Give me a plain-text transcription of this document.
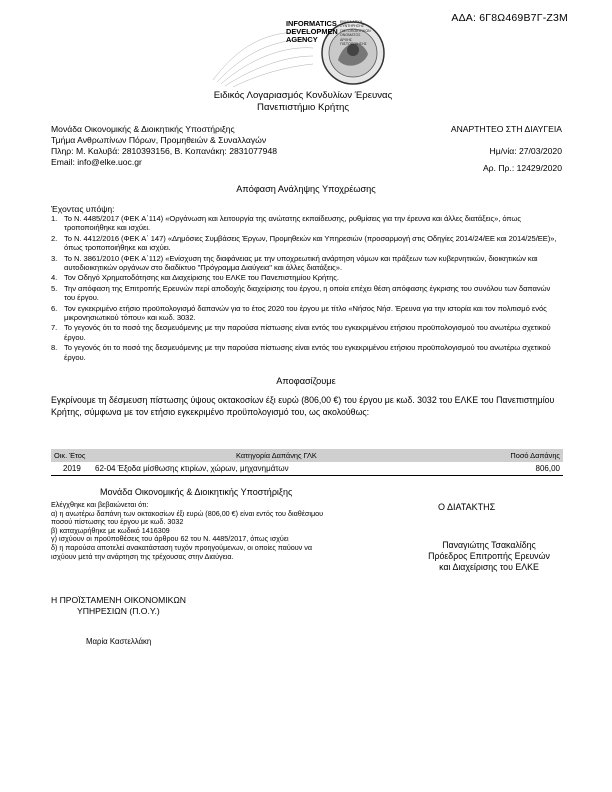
ΑΔΑ: 6Γ8Ω469Β7Γ-Ζ3Μ
INFORMATICS
DEVELOPMEN
AGENCY
ΕΝΙΑΙΑ ΑΡΧΗ
ΣΥΝΤΗΡΗΣΗΣ
ΠΙΣΤΟΠΟΙΗΤΙΚΩΝ
ΟΝΟΜΑΤΟΣ
ΑΡΧΗΣ
ΠΙΣΤΟΠΟΙΗΣΗΣ
Ειδικός Λογαριασμός Κονδυλίων Έρευνας
Πανεπιστήμιο Κρήτης
Μονάδα Οικονομικής & Διοικητικής Υποστήριξης
Τμήμα Ανθρωπίνων Πόρων, Προμηθειών & Συναλλαγών
Πληρ: Μ. Καλυβά: 2810393156, Β. Κοπανάκη: 2831077948
Email: info@elke.uoc.gr
ΑΝΑΡΤΗΤΕΟ ΣΤΗ ΔΙΑΥΓΕΙΑ
Ημ/νία: 27/03/2020
Αρ. Πρ.: 12429/2020
Απόφαση Ανάληψης Υποχρέωσης
Έχοντας υπόψη:
1. Το Ν. 4485/2017 (ΦΕΚ Α΄114) «Οργάνωση και λειτουργία της ανώτατης εκπαίδευσης, ρυθμίσεις για την έρευνα και άλλες διατάξεις», όπως τροποποιήθηκε και ισχύει.
2. Το Ν. 4412/2016 (ΦΕΚ Α΄ 147) «Δημόσιες Συμβάσεις Έργων, Προμηθειών και Υπηρεσιών (προσαρμογή στις Οδηγίες 2014/24/ΕΕ και 2014/25/ΕΕ)», όπως τροποποιήθηκε και ισχύει.
3. Το Ν. 3861/2010 (ΦΕΚ Α΄112) «Ενίσχυση της διαφάνειας με την υποχρεωτική ανάρτηση νόμων και πράξεων των κυβερνητικών, διοικητικών και αυτοδιοικητικών οργάνων στο διαδίκτυο "Πρόγραμμα Διαύγεια" και άλλες διατάξεις».
4. Τον Οδηγό Χρηματοδότησης και Διαχείρισης του ΕΛΚΕ του Πανεπιστημίου Κρήτης.
5. Την απόφαση της Επιτροπής Ερευνών περί αποδοχής διαχείρισης του έργου, η οποία επέχει θέση απόφασης έγκρισης του συνόλου των δαπανών του έργου.
6. Τον εγκεκριμένο ετήσιο προϋπολογισμό δαπανών για το έτος 2020 του έργου με τίτλο «Νήσος Νήσ. Έρευνα για την ιστορία και τον πολιτισμό ενός μικρονησιωτικού τόπου» και κωδ. 3032.
7. Το γεγονός ότι το ποσό της δεσμευόμενης με την παρούσα πίστωσης είναι εντός του εγκεκριμένου ετήσιου προϋπολογισμού του ανωτέρω σχετικού έργου.
8. Το γεγονός ότι το ποσό της δεσμευόμενης με την παρούσα πίστωσης είναι εντός του εγκεκριμένου ετήσιου προϋπολογισμού του ανωτέρω σχετικού έργου.
Αποφασίζουμε
Εγκρίνουμε τη δέσμευση πίστωσης ύψους οκτακοσίων έξι ευρώ (806,00 €) του έργου με κωδ. 3032 του ΕΛΚΕ του Πανεπιστημίου Κρήτης, σύμφωνα με τον ετήσιο εγκεκριμένο προϋπολογισμό του, ως ακολούθως:
Οικ. Έτος	Κατηγορία Δαπάνης ΓΛΚ	Ποσό Δαπάνης
2019 62-04 Έξοδα μίσθωσης κτιρίων, χώρων, μηχανημάτων	806,00
Μονάδα Οικονομικής & Διοικητικής Υποστήριξης
Ελέγχθηκε και βεβαιώνεται ότι:
α) η ανωτέρω δαπάνη των οκτακοσίων έξι ευρώ (806,00 €) είναι εντός του διαθέσιμου
ποσού πίστωσης του έργου με κωδ. 3032
β) καταχωρήθηκε με κωδικό 1416309
γ) ισχύουν οι προϋποθέσεις του άρθρου 62 του Ν. 4485/2017, όπως ισχύει
δ) η παρούσα αποτελεί ανακατάσταση τυχόν προηγούμενων, οι οποίες παύουν να
ισχύουν μετά την ανάρτηση της τρέχουσας στην Διαύγεια.
Ο ΔΙΑΤΑΚΤΗΣ
Παναγιώτης Τσακαλίδης
Πρόεδρος Επιτροπής Ερευνών
και Διαχείρισης του ΕΛΚΕ
Η ΠΡΟΪΣΤΑΜΕΝΗ ΟΙΚΟΝΟΜΙΚΩΝ
ΥΠΗΡΕΣΙΩΝ (Π.Ο.Υ.)
Μαρία Καστελλάκη
